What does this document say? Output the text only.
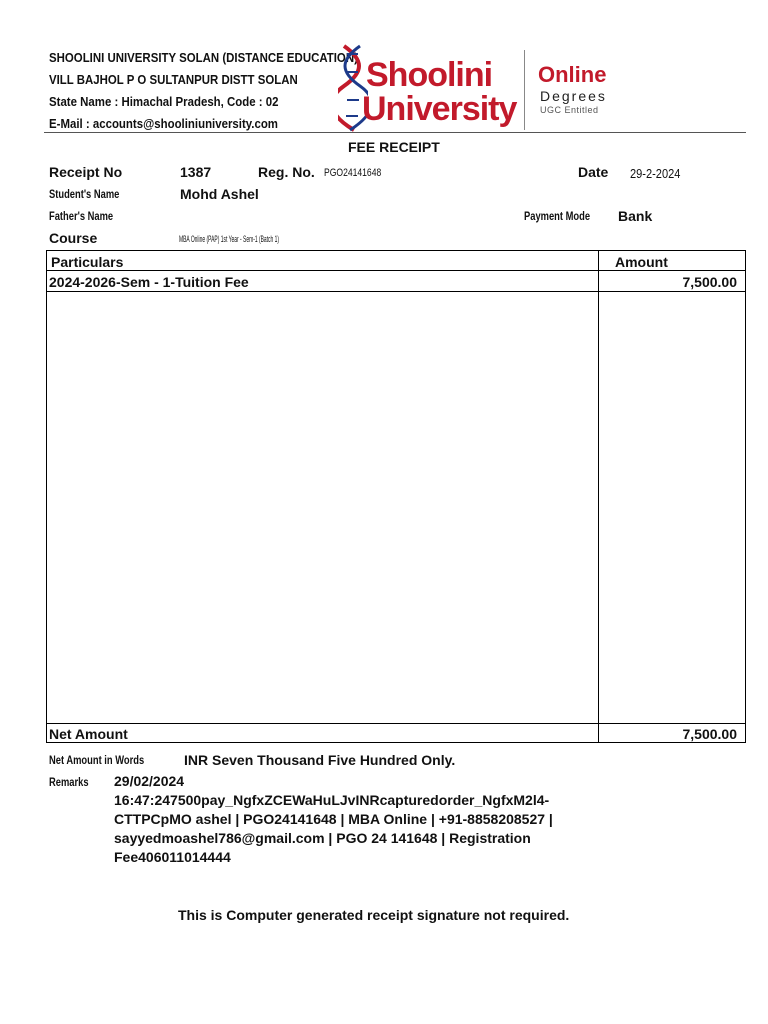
SHOOLINI UNIVERSITY SOLAN (DISTANCE EDUCATION)
VILL BAJHOL P O SULTANPUR DISTT SOLAN
State Name : Himachal Pradesh, Code : 02
E-Mail : accounts@shooliniuniversity.com
Shoolini
University
Online
Degrees
UGC Entitled
FEE RECEIPT
Receipt No	1387	Reg. No. PGO24141648	Date 29-2-2024
Student's Name	Mohd Ashel
Father's Name	Payment Mode Bank
Course	MBA Online (PAP) 1st Year - Sem-1 (Batch 1)
Particulars	Amount
2024-2026-Sem - 1-Tuition Fee	7,500.00
Net Amount	7,500.00
Net Amount in Words	INR Seven Thousand Five Hundred Only.
Remarks 29/02/2024
16:47:247500pay_NgfxZCEWaHuLJvINRcapturedorder_NgfxM2l4-
CTTPCpMO ashel | PGO24141648 | MBA Online | +91-8858208527 |
sayyedmoashel786@gmail.com | PGO 24 141648 | Registration
Fee406011014444
This is Computer generated receipt signature not required.
